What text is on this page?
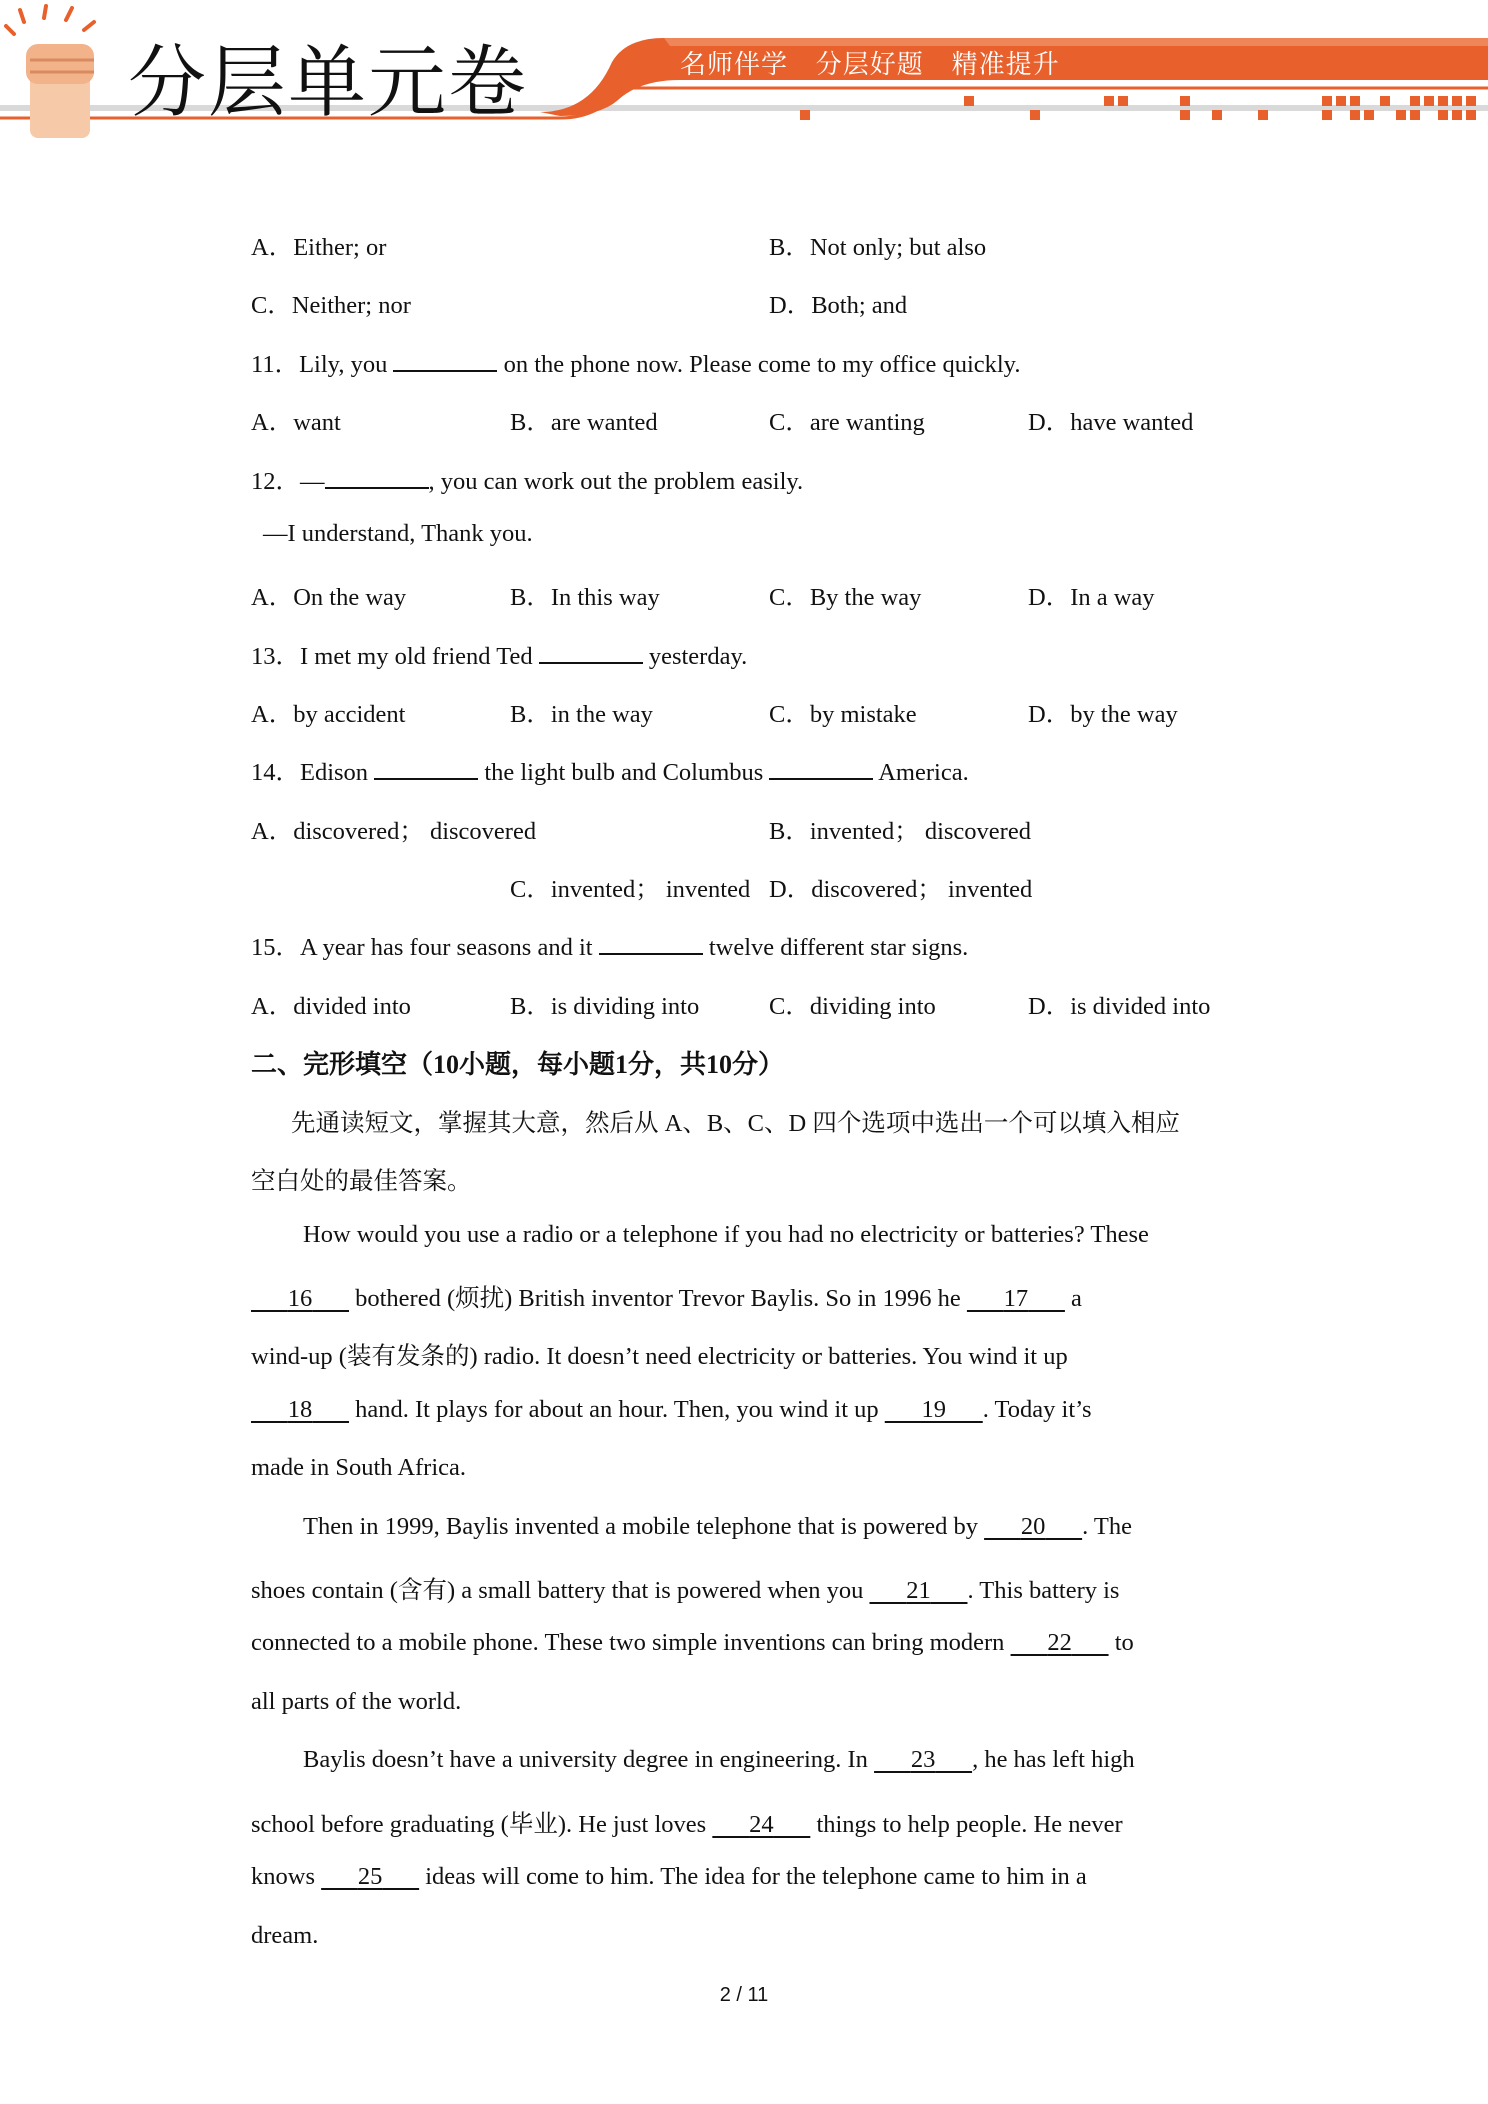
分层单元卷	名师伴学   分层好题   精准提升
A．Either; or	B．Not only; but also
C．Neither; nor	D．Both; and
11．Lily, you	on the phone now. Please come to my office quickly.
A．want	B．are wanted	C．are wanting	D．have wanted
12．—	, you can work out the problem easily.
—I understand, Thank you.
A．On the way	B．In this way	C．By the way	D．In a way
13．I met my old friend Ted	yesterday.
A．by accident	B．in the way	C．by mistake	D．by the way
14．Edison	the light bulb and Columbus	America.
A．discovered； discovered	B．invented； discovered
C．invented； invented D．discovered； invented
15．A year has four seasons and it	twelve different star signs.
A．divided into	B．is dividing into	C．dividing into	D．is divided into
二、完形填空（10小题，每小题1分，共10分）
先通读短文，掌握其大意，然后从 A、B、C、D 四个选项中选出一个可以填入相应
空白处的最佳答案。
How would you use a radio or a telephone if you had no electricity or batteries? These
16       bothered (烦扰) British inventor Trevor Baylis. So in 1996 he       17       a
wind-up (装有发条的) radio. It doesn’t need electricity or batteries. You wind it up
18       hand. It plays for about an hour. Then, you wind it up       19 . Today it’s
made in South Africa.
Then in 1999, Baylis invented a mobile telephone that is powered by       20 . The
shoes contain (含有) a small battery that is powered when you       21 . This battery is
connected to a mobile phone. These two simple inventions can bring modern       22       to
all parts of the world.
Baylis doesn’t have a university degree in engineering. In       23 , he has left high
school before graduating (毕业). He just loves       24       things to help people. He never
knows       25       ideas will come to him. The idea for the telephone came to him in a
dream.
2 / 11
